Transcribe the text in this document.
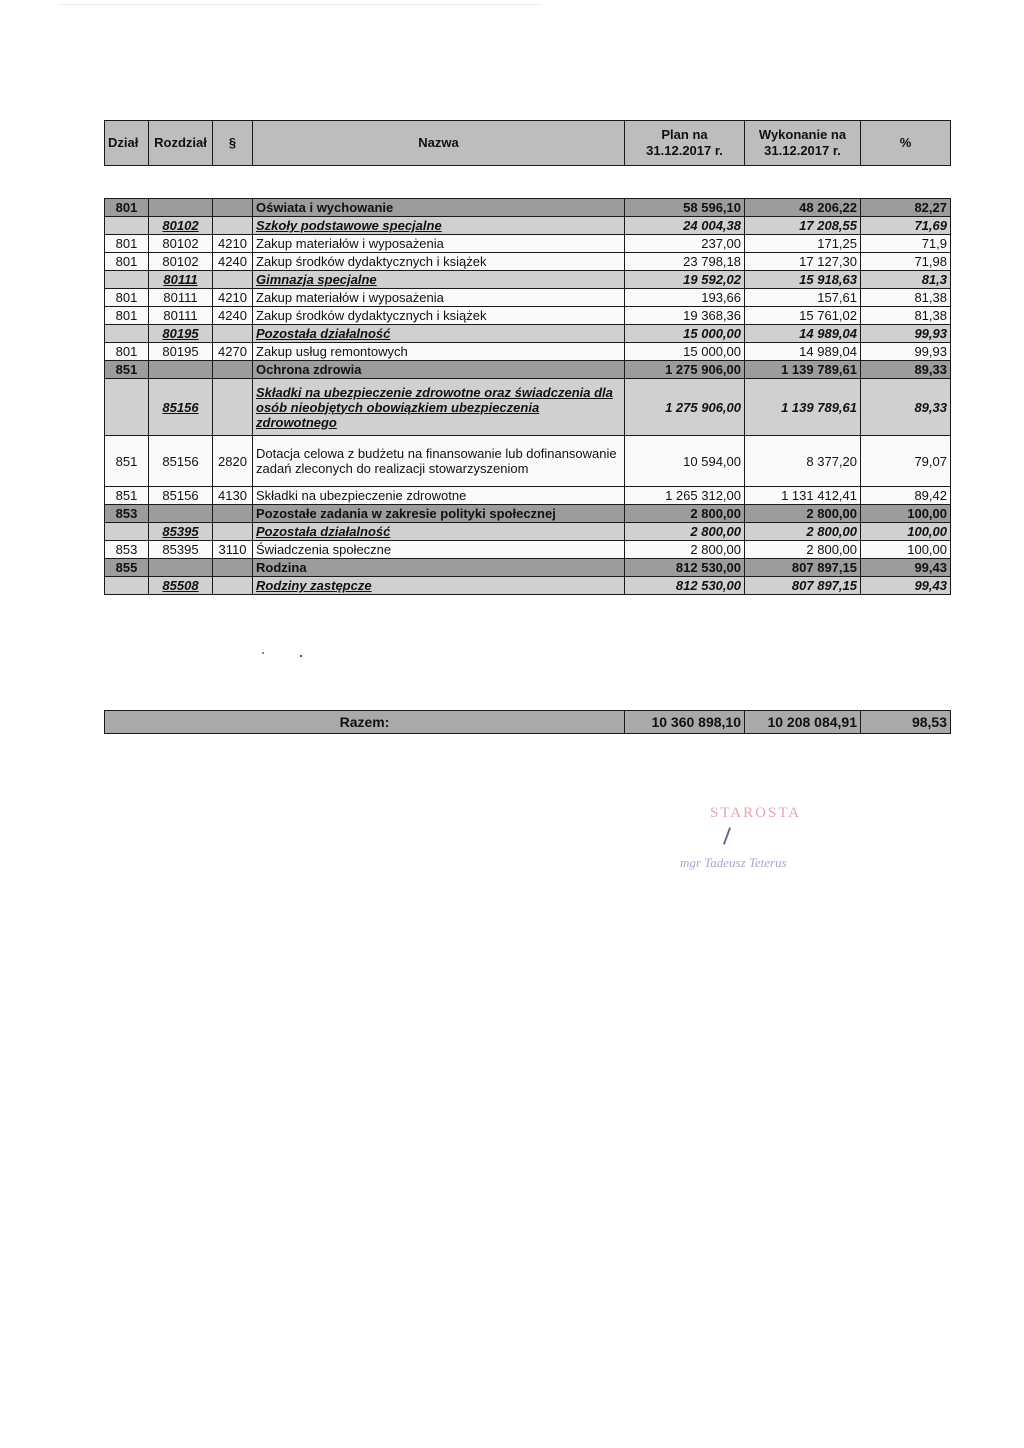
Dział	Rozdział	§	Nazwa	Plan na 31.12.2017 r.	Wykonanie na 31.12.2017 r.	%

801			Oświata i wychowanie	58 596,10	48 206,22	82,27
	80102		Szkoły podstawowe specjalne	24 004,38	17 208,55	71,69
801	80102	4210	Zakup materiałów i wyposażenia	237,00	171,25	71,9
801	80102	4240	Zakup środków dydaktycznych i książek	23 798,18	17 127,30	71,98
	80111		Gimnazja specjalne	19 592,02	15 918,63	81,3
801	80111	4210	Zakup materiałów i wyposażenia	193,66	157,61	81,38
801	80111	4240	Zakup środków dydaktycznych i książek	19 368,36	15 761,02	81,38
	80195		Pozostała działalność	15 000,00	14 989,04	99,93
801	80195	4270	Zakup usług remontowych	15 000,00	14 989,04	99,93
851			Ochrona zdrowia	1 275 906,00	1 139 789,61	89,33
	85156		Składki na ubezpieczenie zdrowotne oraz świadczenia dla osób nieobjętych obowiązkiem ubezpieczenia zdrowotnego	1 275 906,00	1 139 789,61	89,33
851	85156	2820	Dotacja celowa z budżetu na finansowanie lub dofinansowanie zadań zleconych do realizacji stowarzyszeniom	10 594,00	8 377,20	79,07
851	85156	4130	Składki na ubezpieczenie zdrowotne	1 265 312,00	1 131 412,41	89,42
853			Pozostałe zadania w zakresie polityki społecznej	2 800,00	2 800,00	100,00
	85395		Pozostała działalność	2 800,00	2 800,00	100,00
853	85395	3110	Świadczenia społeczne	2 800,00	2 800,00	100,00
855			Rodzina	812 530,00	807 897,15	99,43
	85508		Rodziny zastępcze	812 530,00	807 897,15	99,43
Razem:	10 360 898,10	10 208 084,91	98,53
STAROSTA
mgr Tadeusz Teterus
